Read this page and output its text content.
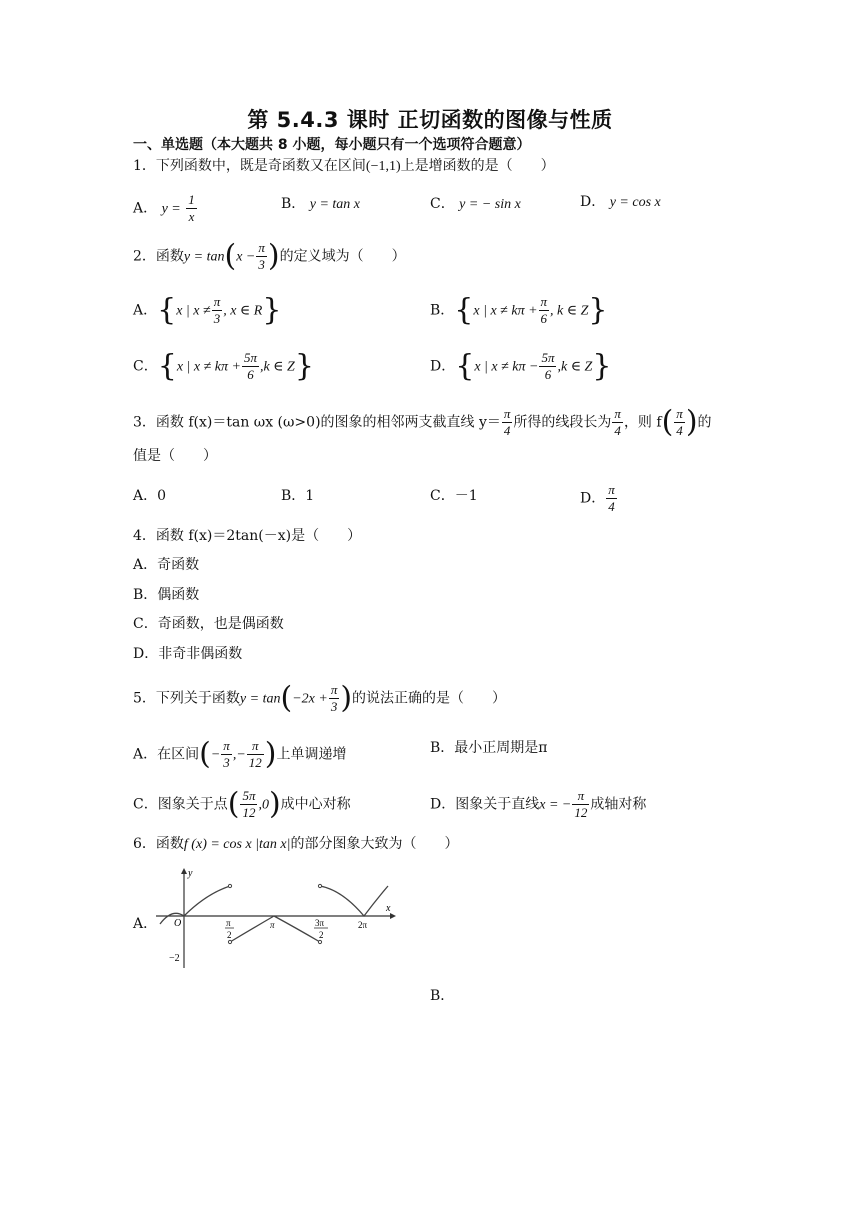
第 5.4.3 课时 正切函数的图像与性质
一、单选题（本大题共 8 小题，每小题只有一个选项符合题意）
1．下列函数中，既是奇函数又在区间(−1,1)上是增函数的是（　　）
A． $y = \frac{1}{x}$	B． y = tan x	C． y = − sin x	D． y = cos x
2．函数$y = \tan(x - \frac{\pi}{3}$ )的定义域为（　　）
A．{x | $x \ne \frac{\pi}{3}$ , x ∈ R}	B．{x | $x \ne k\pi + \frac{\pi}{6}$ , k ∈ Z}
C．{x | $x \ne k\pi + \frac{5\pi}{6} ,k$ ∈ Z}	D．{x | $x \ne k\pi - \frac{5\pi}{6} ,k$ ∈ Z}
3．函数 f(x)＝tan ωx (ω>0)的图象的相邻两支截直线 $y= \frac{\pi}{4}$ 所得的线段长为 $\frac{\pi}{4}$ ，则 $f( \frac{\pi}{4}$ )的
值是（　　）
A．0	B．1	C．－1	D． $\frac{\pi}{4}$
4．函数 f(x)＝2tan(－x)是（　　）
A．奇函数
B．偶函数
C．奇函数，也是偶函数
D．非奇非偶函数
5．下列关于函数$y = \tan(-2x + \frac{\pi}{3}$ )的说法正确的是（　　）
A．在区间(− $\frac{\pi}{3}$ ,− $\frac{\pi}{12}$ )上单调递增	B．最小正周期是π
C．图象关于点( $\frac{5\pi}{12} ,0$)成中心对称	D．图象关于直线x = − $\frac{\pi}{12}$ 成轴对称
6．函数f (x) = cos x |tan x|的部分图象大致为（　　）
A．
y
x
O
−2
π
2
π	3π
2
2π
B．
